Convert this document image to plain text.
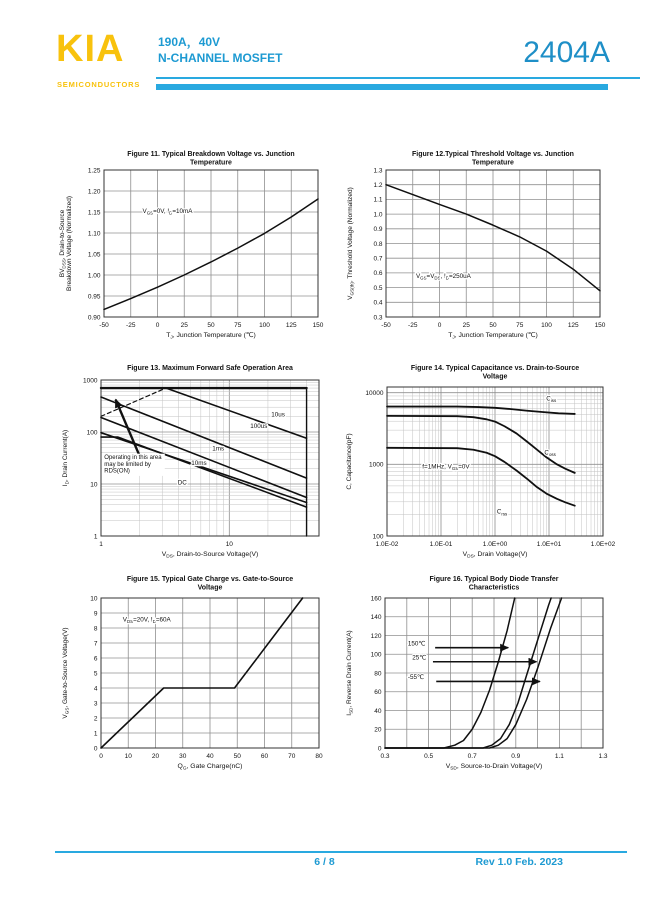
KIA
SEMICONDUCTORS
190A，40V
N-CHANNEL MOSFET	2404A
$V_{GS}=0V$, $I_D=10mA$
-50	-25	0	25	50	75	100 125 150
0.90
0.95
1.00
1.05
1.10
1.15
1.20
1.25
$T_J$, Junction Temperature (℃)
$BV_{DSS}$, Drain-to-Source Breakdown Voltage (Normalized)
Figure 11. Typical Breakdown Voltage vs. Junction
Temperature
$V_{GS}=V_{DS}$, $I_D=250uA$
-50	-25	0	25	50	75	100 125 150
0.3
0.4
0.5
0.6
0.7
0.8
0.9
1.0
1.1
1.2
1.3
$T_J$, Junction Temperature (℃)
$V_{GS(th)}$, Threshold Voltage (Normalized)
Figure 12.Typical Threshold Voltage vs. Junction
Temperature
Operating in this area
may be limited by
RDS(ON)
10us
100us
1ms
10ms
DC
1	10
1
10
100
1000
$V_{DS}$, Drain-to-Source Voltage(V)
$I_D$, Drain Current(A)
Figure 13. Maximum Forward Safe Operation Area
$C_{iss}$
$C_{oss}$
$C_{rss}$
f=1MHz, $V_{GS}=0V$
1.0E-02	1.0E-01	1.0E+00	1.0E+01	1.0E+02
100
1000
10000
$V_{DS}$, Drain Voltage(V)
C, Capacitance(pF)
Figure 14. Typical Capacitance vs. Drain-to-Source
Voltage
$V_{DS}=20V$, $I_D=60A$
0	10	20	30	40	50	60	70	80
0
1
2
3
4
5
6
7
8
9
10
$Q_G$, Gate Charge(nC)
$V_{GS}$, Gate-to-Source Voltage(V)
Figure 15. Typical Gate Charge vs. Gate-to-Source
Voltage
150℃
25℃
-55℃
0.3	0.5	0.7	0.9	1.1	1.3
0
20
40
60
80
100
120
140
160
$V_{SD}$, Source-to-Drain Voltage(V)
$I_{SD}$, Reverse Drain Current(A)
Figure 16. Typical Body Diode Transfer
Characteristics
6 / 8	Rev 1.0 Feb. 2023
